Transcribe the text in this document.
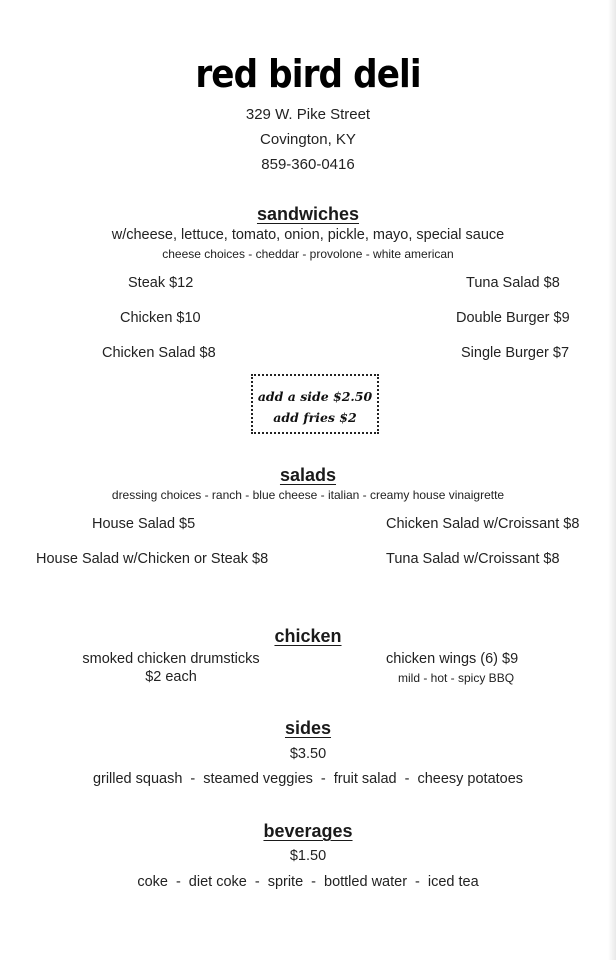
red bird deli
329 W. Pike Street
Covington, KY
859-360-0416
sandwiches
w/cheese, lettuce, tomato, onion, pickle, mayo, special sauce
cheese choices - cheddar - provolone - white american
Steak $12
Chicken $10
Chicken Salad $8
Tuna Salad $8
Double Burger $9
Single Burger $7
add a side $2.50
add fries $2
salads
dressing choices - ranch - blue cheese - italian - creamy house vinaigrette
House Salad $5
House Salad w/Chicken or Steak $8
Chicken Salad w/Croissant $8
Tuna Salad w/Croissant $8
chicken
smoked chicken drumsticks
$2 each
chicken wings (6) $9
mild - hot - spicy BBQ
sides
$3.50
grilled squash - steamed veggies - fruit salad - cheesy potatoes
beverages
$1.50
coke - diet coke - sprite - bottled water - iced tea
